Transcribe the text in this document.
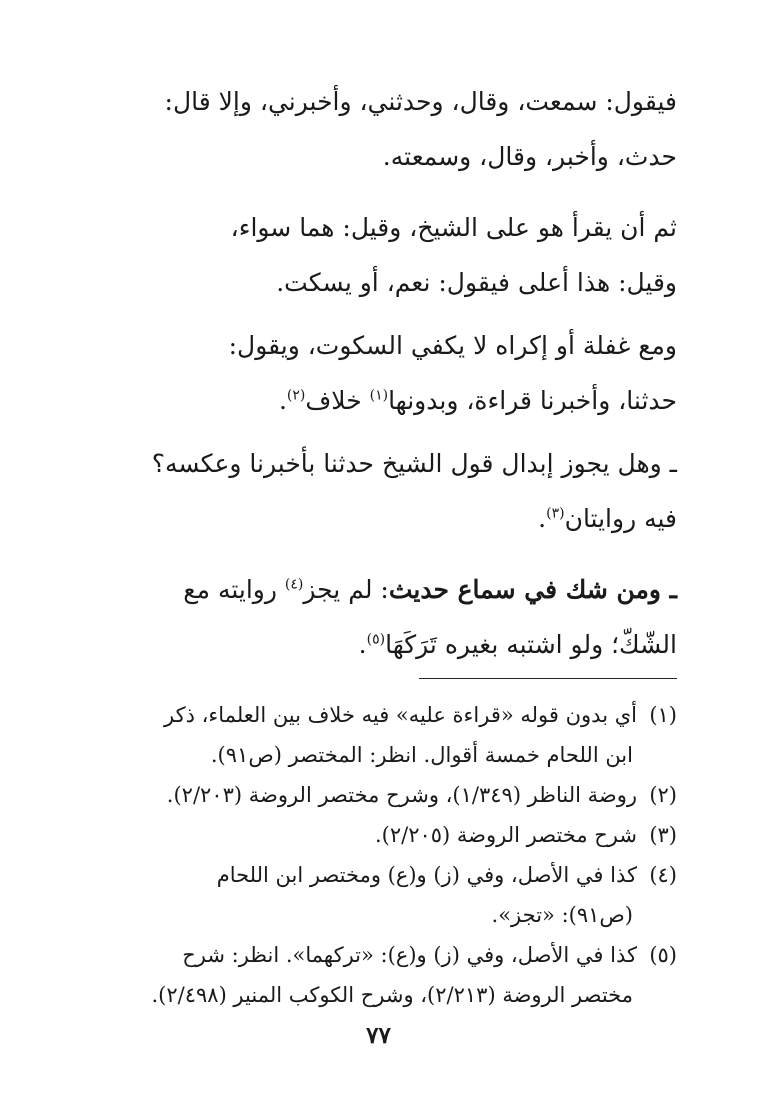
فيقول: سمعت، وقال، وحدثني، وأخبرني، وإلا قال:
حدث، وأخبر، وقال، وسمعته.
ثم أن يقرأ هو على الشيخ، وقيل: هما سواء،
وقيل: هذا أعلى فيقول: نعم، أو يسكت.
ومع غفلة أو إكراه لا يكفي السكوت، ويقول:
حدثنا، وأخبرنا قراءة، وبدونها$^{(١)}$ خلاف$^{(٢)}$.
ـ وهل يجوز إبدال قول الشيخ حدثنا بأخبرنا وعكسه؟
فيه روايتان$^{(٣)}$.
ـ ومن شك في سماع حديث: لم يجز$^{(٤)}$ روايته مع
الشّكّ؛ ولو اشتبه بغيره تَرَكَهَا$^{(٥)}$.
(١)أي بدون قوله «قراءة عليه» فيه خلاف بين العلماء، ذكر
ابن اللحام خمسة أقوال. انظر: المختصر (ص٩١).
(٢)روضة الناظر (١/٣٤٩)، وشرح مختصر الروضة (٢/٢٠٣).
(٣)شرح مختصر الروضة (٢/٢٠٥).
(٤)كذا في الأصل، وفي (ز) و(ع) ومختصر ابن اللحام
(ص٩١): «تجز».
(٥)كذا في الأصل، وفي (ز) و(ع): «تركهما». انظر: شرح
مختصر الروضة (٢/٢١٣)، وشرح الكوكب المنير (٢/٤٩٨).
٧٧
